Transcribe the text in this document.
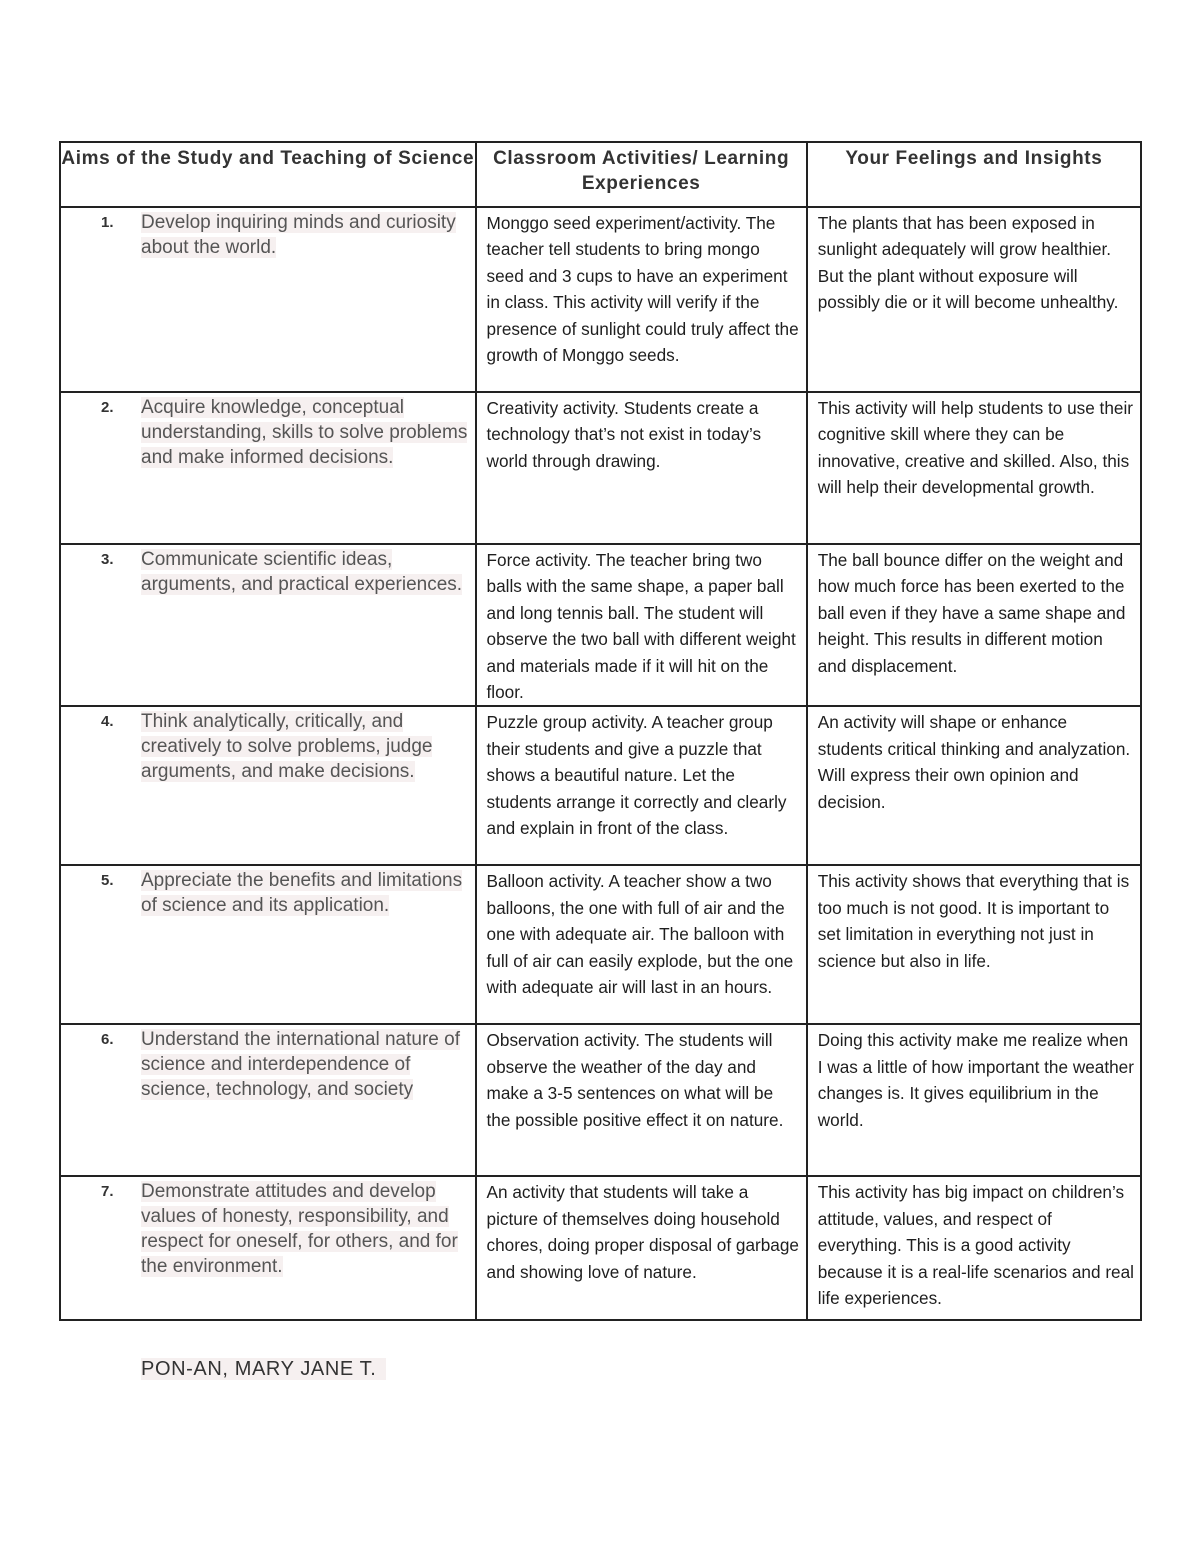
Aims of the Study and Teaching of Science	Classroom Activities/ Learning Experiences	Your Feelings and Insights

1. Develop inquiring minds and curiosity about the world.	Monggo seed experiment/activity. The teacher tell students to bring mongo seed and 3 cups to have an experiment in class. This activity will verify if the presence of sunlight could truly affect the growth of Monggo seeds.	The plants that has been exposed in sunlight adequately will grow healthier. But the plant without exposure will possibly die or it will become unhealthy.

2. Acquire knowledge, conceptual understanding, skills to solve problems and make informed decisions.	Creativity activity. Students create a technology that’s not exist in today’s world through drawing.	This activity will help students to use their cognitive skill where they can be innovative, creative and skilled. Also, this will help their developmental growth.

3. Communicate scientific ideas, arguments, and practical experiences.	Force activity. The teacher bring two balls with the same shape, a paper ball and long tennis ball. The student will observe the two ball with different weight and materials made if it will hit on the floor.	The ball bounce differ on the weight and how much force has been exerted to the ball even if they have a same shape and height. This results in different motion and displacement.

4. Think analytically, critically, and creatively to solve problems, judge arguments, and make decisions.	Puzzle group activity. A teacher group their students and give a puzzle that shows a beautiful nature. Let the students arrange it correctly and clearly and explain in front of the class.	An activity will shape or enhance students critical thinking and analyzation. Will express their own opinion and decision.

5. Appreciate the benefits and limitations of science and its application.	Balloon activity. A teacher show a two balloons, the one with full of air and the one with adequate air. The balloon with full of air can easily explode, but the one with adequate air will last in an hours.	This activity shows that everything that is too much is not good. It is important to set limitation in everything not just in science but also in life.

6. Understand the international nature of science and interdependence of science, technology, and society	Observation activity. The students will observe the weather of the day and make a 3-5 sentences on what will be the possible positive effect it on nature.	Doing this activity make me realize when I was a little of how important the weather changes is. It gives equilibrium in the world.

7. Demonstrate attitudes and develop values of honesty, responsibility, and respect for oneself, for others, and for the environment.	An activity that students will take a picture of themselves doing household chores, doing proper disposal of garbage and showing love of nature.	This activity has big impact on children’s attitude, values, and respect of everything. This is a good activity because it is a real-life scenarios and real life experiences.
PON-AN, MARY JANE T.
